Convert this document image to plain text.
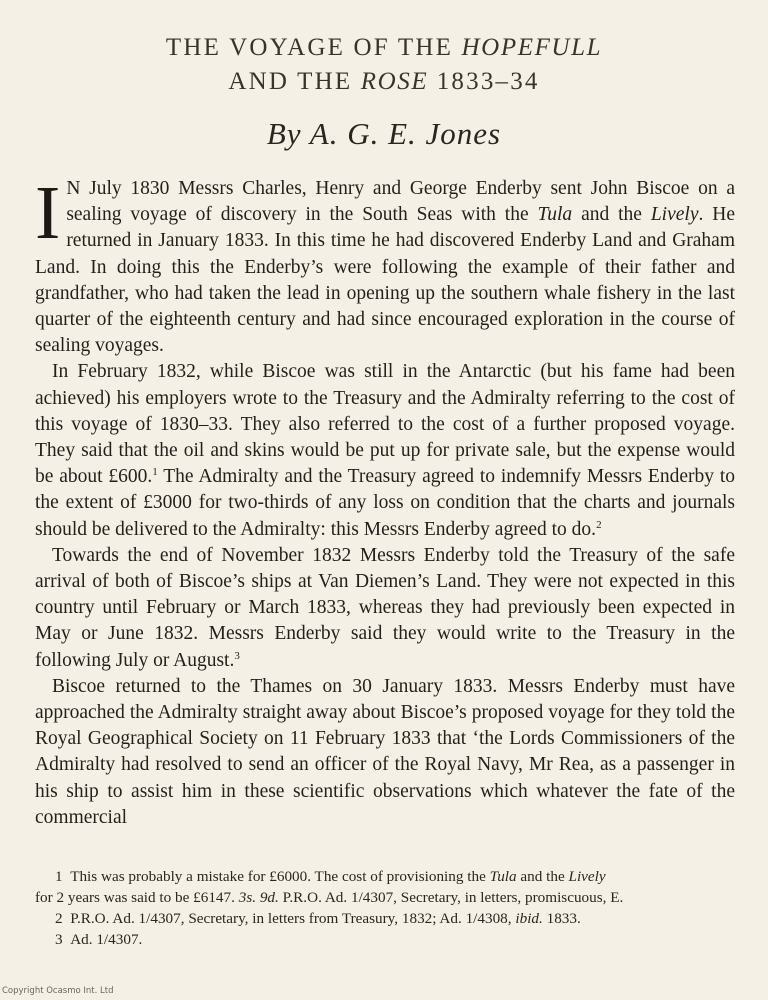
THE VOYAGE OF THE HOPEFULL
AND THE ROSE 1833–34
By A. G. E. Jones

I N July 1830 Messrs Charles, Henry and George Enderby sent John Biscoe on a sealing voyage of discovery in the South Seas with the Tula and the Lively. He returned in January 1833. In this time he had discovered Enderby Land and Graham Land. In doing this the Enderby’s were following the example of their father and grandfather, who had taken the lead in opening up the southern whale fishery in the last quarter of the eighteenth century and had since encouraged exploration in the course of sealing voyages.

In February 1832, while Biscoe was still in the Antarctic (but his fame had been achieved) his employers wrote to the Treasury and the Admiralty referring to the cost of this voyage of 1830–33. They also referred to the cost of a further proposed voyage. They said that the oil and skins would be put up for private sale, but the expense would be about £600.$^1$ The Admiralty and the Treasury agreed to indemnify Messrs Enderby to the extent of £3000 for two-thirds of any loss on condition that the charts and journals should be delivered to the Admiralty: this Messrs Enderby agreed to do.$^2$

Towards the end of November 1832 Messrs Enderby told the Treasury of the safe arrival of both of Biscoe’s ships at Van Diemen’s Land. They were not expected in this country until February or March 1833, whereas they had previously been expected in May or June 1832. Messrs Enderby said they would write to the Treasury in the following July or August.$^3$

Biscoe returned to the Thames on 30 January 1833. Messrs Enderby must have approached the Admiralty straight away about Biscoe’s proposed voyage for they told the Royal Geographical Society on 11 February 1833 that ‘the Lords Commissioners of the Admiralty had resolved to send an officer of the Royal Navy, Mr Rea, as a passenger in his ship to assist him in these scientific observations which whatever the fate of the commercial

1 This was probably a mistake for £6000. The cost of provisioning the Tula and the Lively
for 2 years was said to be £6147. 3s. 9d. P.R.O. Ad. 1/4307, Secretary, in letters, promiscuous, E.
2 P.R.O. Ad. 1/4307, Secretary, in letters from Treasury, 1832; Ad. 1/4308, ibid. 1833.
3 Ad. 1/4307.
Copyright Ocasmo Int. Ltd
